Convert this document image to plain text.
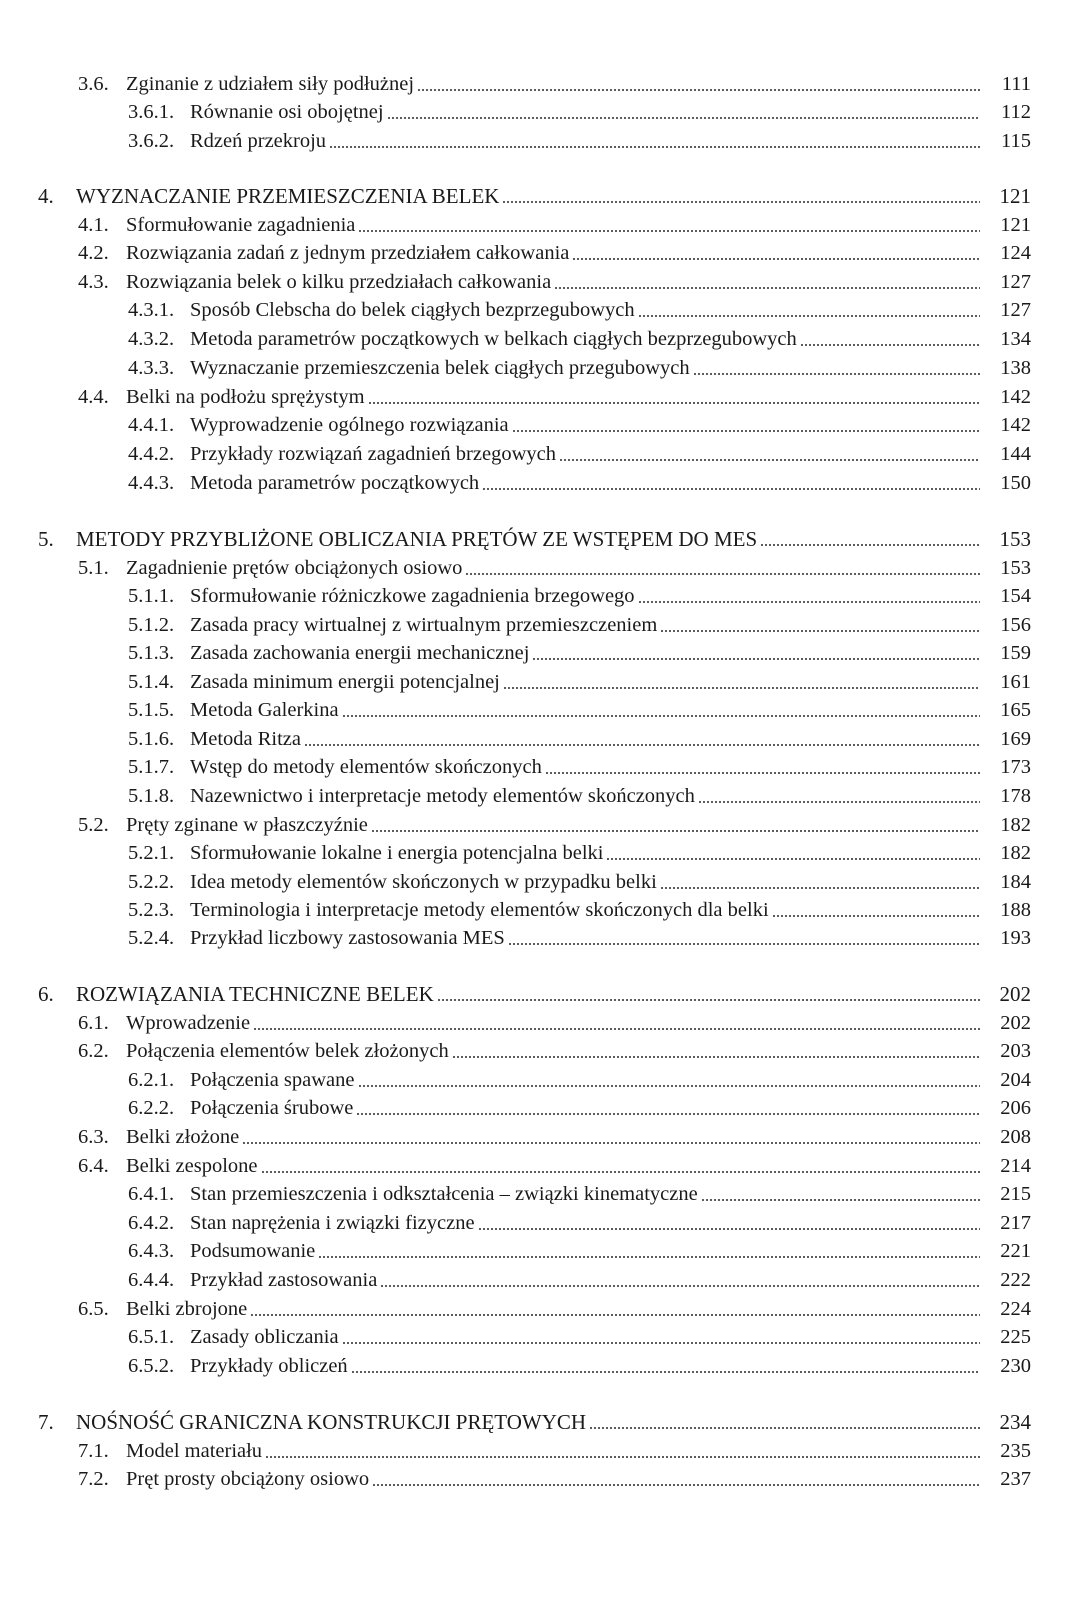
3.6. Zginanie z udziałem siły podłużnej	111
3.6.1. Równanie osi obojętnej	112
3.6.2. Rdzeń przekroju	115
4. WYZNACZANIE PRZEMIESZCZENIA BELEK	121
4.1. Sformułowanie zagadnienia	121
4.2. Rozwiązania zadań z jednym przedziałem całkowania	124
4.3. Rozwiązania belek o kilku przedziałach całkowania	127
4.3.1. Sposób Clebscha do belek ciągłych bezprzegubowych	127
4.3.2. Metoda parametrów początkowych w belkach ciągłych bezprzegubowych	134
4.3.3. Wyznaczanie przemieszczenia belek ciągłych przegubowych	138
4.4. Belki na podłożu sprężystym	142
4.4.1. Wyprowadzenie ogólnego rozwiązania	142
4.4.2. Przykłady rozwiązań zagadnień brzegowych	144
4.4.3. Metoda parametrów początkowych	150
5. METODY PRZYBLIŻONE OBLICZANIA PRĘTÓW ZE WSTĘPEM DO MES	153
5.1. Zagadnienie prętów obciążonych osiowo	153
5.1.1. Sformułowanie różniczkowe zagadnienia brzegowego	154
5.1.2. Zasada pracy wirtualnej z wirtualnym przemieszczeniem	156
5.1.3. Zasada zachowania energii mechanicznej	159
5.1.4. Zasada minimum energii potencjalnej	161
5.1.5. Metoda Galerkina	165
5.1.6. Metoda Ritza	169
5.1.7. Wstęp do metody elementów skończonych	173
5.1.8. Nazewnictwo i interpretacje metody elementów skończonych	178
5.2. Pręty zginane w płaszczyźnie	182
5.2.1. Sformułowanie lokalne i energia potencjalna belki	182
5.2.2. Idea metody elementów skończonych w przypadku belki	184
5.2.3. Terminologia i interpretacje metody elementów skończonych dla belki	188
5.2.4. Przykład liczbowy zastosowania MES	193
6. ROZWIĄZANIA TECHNICZNE BELEK	202
6.1. Wprowadzenie	202
6.2. Połączenia elementów belek złożonych	203
6.2.1. Połączenia spawane	204
6.2.2. Połączenia śrubowe	206
6.3. Belki złożone	208
6.4. Belki zespolone	214
6.4.1. Stan przemieszczenia i odkształcenia – związki kinematyczne	215
6.4.2. Stan naprężenia i związki fizyczne	217
6.4.3. Podsumowanie	221
6.4.4. Przykład zastosowania	222
6.5. Belki zbrojone	224
6.5.1. Zasady obliczania	225
6.5.2. Przykłady obliczeń	230
7. NOŚNOŚĆ GRANICZNA KONSTRUKCJI PRĘTOWYCH	234
7.1. Model materiału	235
7.2. Pręt prosty obciążony osiowo	237
